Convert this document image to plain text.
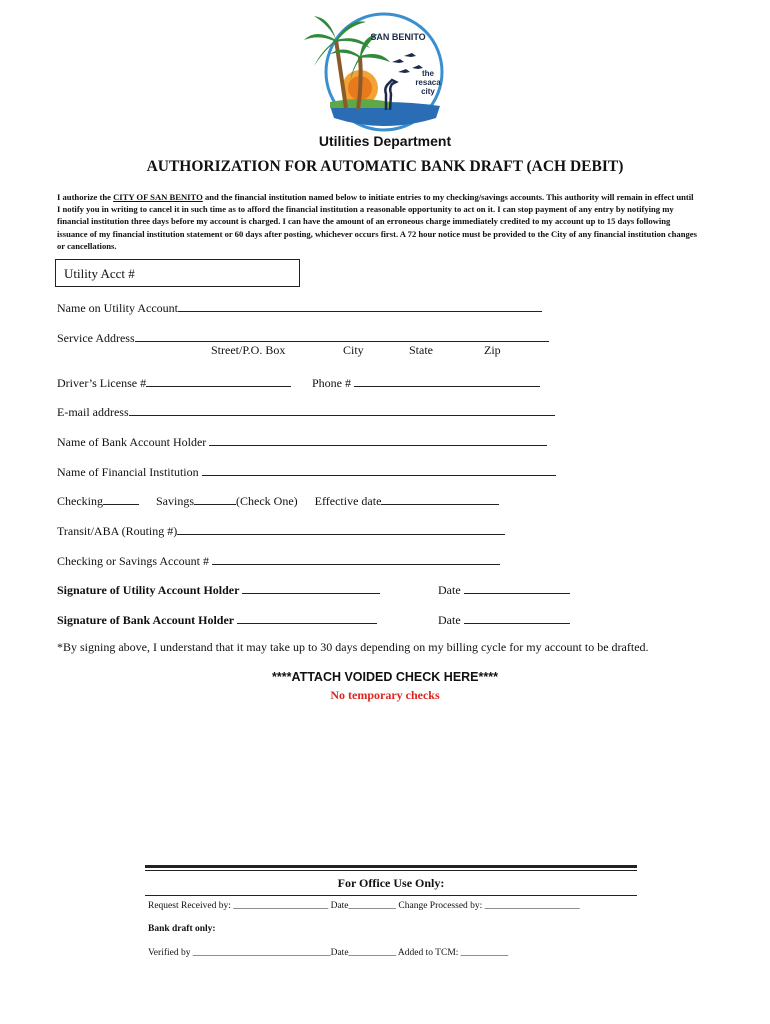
SAN BENITO
the
resaca
city
Utilities Department
AUTHORIZATION FOR AUTOMATIC BANK DRAFT (ACH DEBIT)
I authorize the CITY OF SAN BENITO and the financial institution named below to initiate entries to my checking/savings accounts. This authority will remain in effect until I notify you in writing to cancel it in such time as to afford the financial institution a reasonable opportunity to act on it. I can stop payment of any entry by notifying my financial institution three days before my account is charged. I can have the amount of an erroneous charge immediately credited to my account up to 15 days following issuance of my financial institution statement or 60 days after posting, whichever occurs first. A 72 hour notice must be provided to the City of any financial institution changes or cancellations.
Utility Acct #
Name on Utility Account
Service Address
Street/P.O. Box	City	State	Zip
Driver’s License #	Phone #
E-mail address
Name of Bank Account Holder
Name of Financial Institution
Checking	Savings	(Check One) Effective date
Transit/ABA (Routing #)
Checking or Savings Account #
Signature of Utility Account Holder	Date
Signature of Bank Account Holder	Date
*By signing above, I understand that it may take up to 30 days depending on my billing cycle for my account to be drafted.
****ATTACH VOIDED CHECK HERE****
No temporary checks
For Office Use Only:
Request Received by: ____________________ Date__________ Change Processed by: ____________________
Bank draft only:
Verified by _____________________________Date__________ Added to TCM: __________
